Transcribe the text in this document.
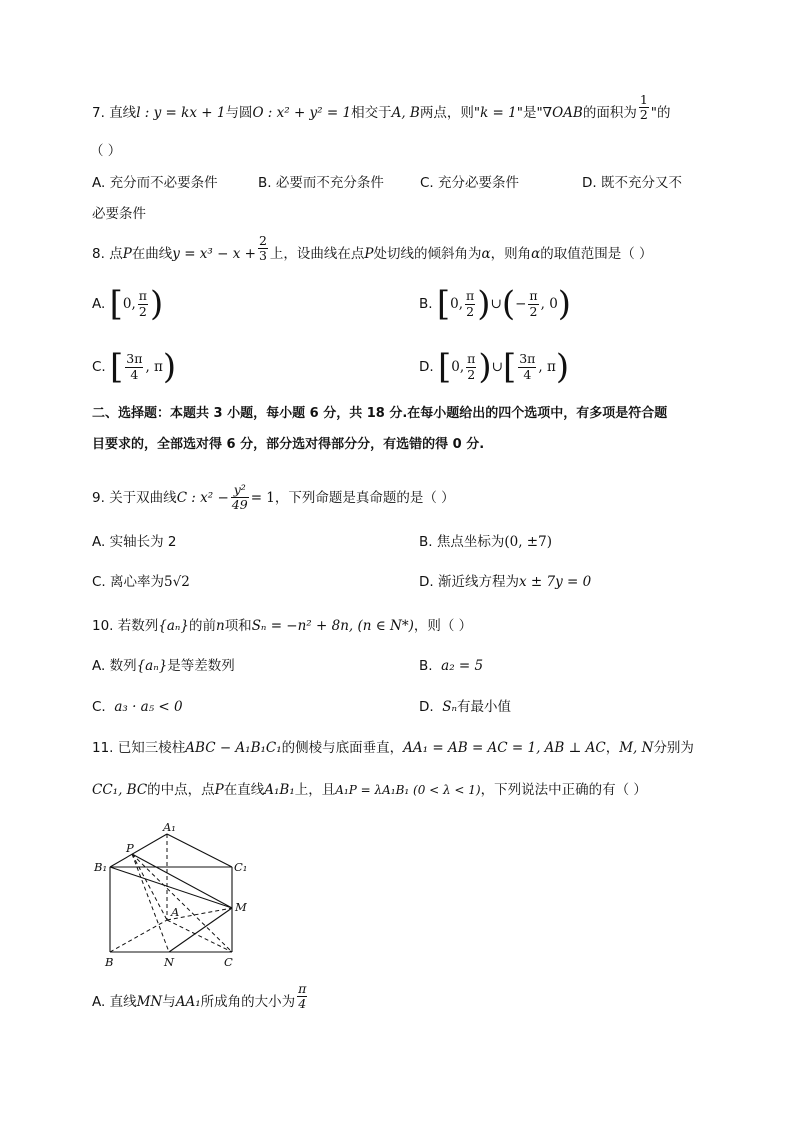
7. 直线l : y = kx + 1与圆O : x² + y² = 1相交于A, B两点，则"k = 1"是"∇OAB的面积为 $\frac{1}{2}$ "的
（ ）
A. 充分而不必要条件	B. 必要而不充分条件	C. 充分必要条件	D. 既不充分又不
必要条件
8. 点P在曲线$y = x^3 - x + \frac{2}{3}$ 上，设曲线在点P处切线的倾斜角为α，则角α的取值范围是（ ）
A. [0, $\frac{\pi}{2}$ )	B. [0, $\frac{\pi}{2}$ )∪(− $\frac{\pi}{2}$ , 0)
C. [ $\frac{3\pi}{4}$ , π)	D. [0, $\frac{\pi}{2}$ )∪[ $\frac{3\pi}{4}$ , π)
二、选择题：本题共 3 小题，每小题 6 分，共 18 分.在每小题给出的四个选项中，有多项是符合题
目要求的，全部选对得 6 分，部分选对得部分分，有选错的得 0 分.
9. 关于双曲线C : $x^2 - \frac{\text{y²}}{49} = 1$，下列命题是真命题的是（ ）
A. 实轴长为 2	B. 焦点坐标为(0, ±7)
C. 离心率为5√2	D. 渐近线方程为x ± 7y = 0
10. 若数列{aₙ}的前n项和Sₙ = −n² + 8n, (n ∈ N*)，则（ ）
A. 数列{aₙ}是等差数列	B. a₂ = 5
C. a₃ · a₅ < 0	D. Sₙ有最小值
11. 已知三棱柱ABC − A₁B₁C₁的侧棱与底面垂直，AA₁ = AB = AC = 1, AB ⊥ AC，M, N分别为
CC₁, BC的中点，点P在直线A₁B₁上，且A₁P = λA₁B₁ (0 < λ < 1)，下列说法中正确的有（ ）
A₁
B₁	C₁
P
A	M
B	N	C
A. 直线MN与AA₁所成角的大小为 $\frac{\pi}{4}$
